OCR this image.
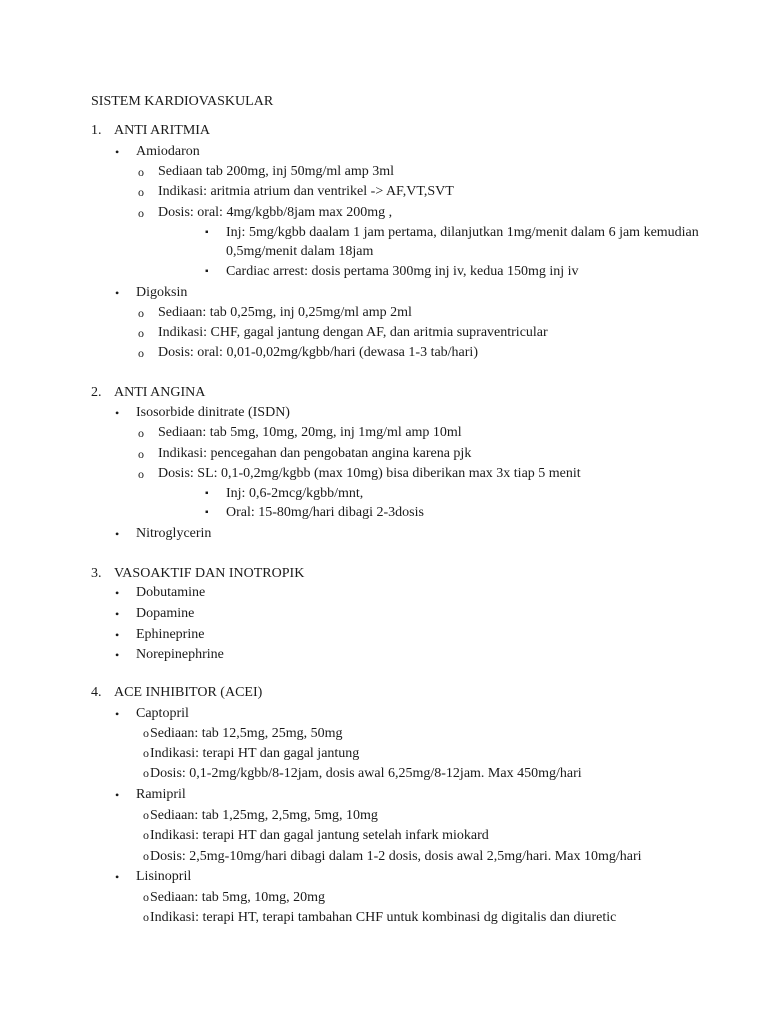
SISTEM KARDIOVASKULAR
1. ANTI ARITMIA
• Amiodaron
o Sediaan tab 200mg, inj 50mg/ml amp 3ml
o Indikasi: aritmia atrium dan ventrikel -> AF,VT,SVT
o Dosis: oral: 4mg/kgbb/8jam max 200mg ,
▪ Inj: 5mg/kgbb daalam 1 jam pertama, dilanjutkan 1mg/menit dalam 6 jam kemudian
0,5mg/menit dalam 18jam
▪ Cardiac arrest: dosis pertama 300mg inj iv, kedua 150mg inj iv
• Digoksin
o Sediaan: tab 0,25mg, inj 0,25mg/ml amp 2ml
o Indikasi: CHF, gagal jantung dengan AF, dan aritmia supraventricular
o Dosis: oral: 0,01-0,02mg/kgbb/hari (dewasa 1-3 tab/hari)
2. ANTI ANGINA
• Isosorbide dinitrate (ISDN)
o Sediaan: tab 5mg, 10mg, 20mg, inj 1mg/ml amp 10ml
o Indikasi: pencegahan dan pengobatan angina karena pjk
o Dosis: SL: 0,1-0,2mg/kgbb (max 10mg) bisa diberikan max 3x tiap 5 menit
▪ Inj: 0,6-2mcg/kgbb/mnt,
▪ Oral: 15-80mg/hari dibagi 2-3dosis
• Nitroglycerin
3. VASOAKTIF DAN INOTROPIK
• Dobutamine
• Dopamine
• Ephineprine
• Norepinephrine
4. ACE INHIBITOR (ACEI)
• Captopril
oSediaan: tab 12,5mg, 25mg, 50mg
oIndikasi: terapi HT dan gagal jantung
oDosis: 0,1-2mg/kgbb/8-12jam, dosis awal 6,25mg/8-12jam. Max 450mg/hari
• Ramipril
oSediaan: tab 1,25mg, 2,5mg, 5mg, 10mg
oIndikasi: terapi HT dan gagal jantung setelah infark miokard
oDosis: 2,5mg-10mg/hari dibagi dalam 1-2 dosis, dosis awal 2,5mg/hari. Max 10mg/hari
• Lisinopril
oSediaan: tab 5mg, 10mg, 20mg
oIndikasi: terapi HT, terapi tambahan CHF untuk kombinasi dg digitalis dan diuretic
